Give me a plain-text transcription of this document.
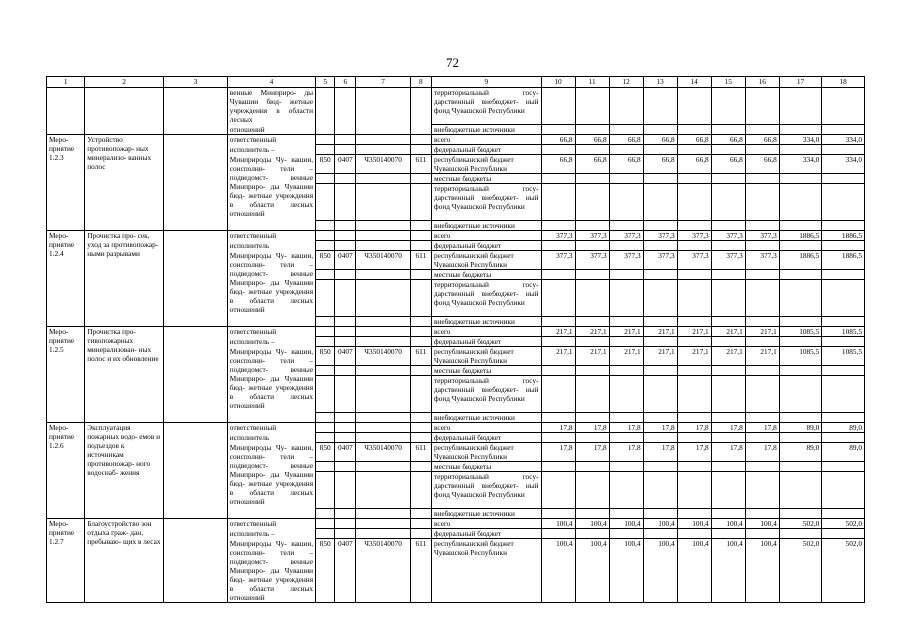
72
1	2	3	4	5	6	7	8	9	10	11	12	13	14	15	16	17	18
			венные Минприро- ды Чувашии бюд- жетные учреждения в области лесных					территориальный госу- дарственный внебюджет- ный фонд Чувашской Республики									
			отношений					внебюджетные источники									
Меро- приятие 1.2.3	Устройство противопожар- ных минерализо- ванных полос		ответственный					всего	66,8	66,8	66,8	66,8	66,8	66,8	66,8	334,0	334,0
			исполнитель –					федеральный бюджет									
			Минприроды Чу- вашии, соисполни- тели – подведомст- венные Минприро- ды Чувашии бюд- жетные учреждения в области лесных отношений	850	0407	Ч350140070	611	республиканский бюджет Чувашской Республики	66,8	66,8	66,8	66,8	66,8	66,8	66,8	334,0	334,0
								местные бюджеты									
								территориальный госу- дарственный внебюджет- ный фонд Чувашской Республики									
								внебюджетные источники									
Меро- приятие 1.2.4	Прочистка про- сек, уход за противопожар- ными разрывами		ответственный					всего	377,3	377,3	377,3	377,3	377,3	377,3	377,3	1886,5	1886,5
			исполнитель					федеральный бюджет									
			Минприроды Чу- вашии, соисполни- тели – подведомст- венные Минприро- ды Чувашии бюд- жетные учреждения в области лесных отношений	850	0407	Ч350140070	611	республиканский бюджет Чувашской Республики	377,3	377,3	377,3	377,3	377,3	377,3	377,3	1886,5	1886,5
								местные бюджеты									
								территориальный госу- дарственный внебюджет- ный фонд Чувашской Республики									
								внебюджетные источники									
Меро- приятие 1.2.5	Прочистка про- тивопожарных минерализован- ных полос и их обновление		ответственный					всего	217,1	217,1	217,1	217,1	217,1	217,1	217,1	1085,5	1085,5
			исполнитель –					федеральный бюджет									
			Минприроды Чу- вашии, соисполни- тели – подведомст- венные Минприро- ды Чувашии бюд- жетные учреждения в области лесных отношений	850	0407	Ч350140070	611	республиканский бюджет Чувашской Республики	217,1	217,1	217,1	217,1	217,1	217,1	217,1	1085,5	1085,5
								местные бюджеты									
								территориальный госу- дарственный внебюджет- ный фонд Чувашской Республики									
								внебюджетные источники									
Меро- приятие 1.2.6	Эксплуатация пожарных водо- емов и подъездов к источникам противопожар- ного водоснаб- жения		ответственный					всего	17,8	17,8	17,8	17,8	17,8	17,8	17,8	89,0	89,0
			исполнитель					федеральный бюджет									
			Минприроды Чу- вашии, соисполни- тели – подведомст- венные Минприро- ды Чувашии бюд- жетные учреждения в области лесных отношений	850	0407	Ч350140070	611	республиканский бюджет Чувашской Республики	17,8	17,8	17,8	17,8	17,8	17,8	17,8	89,0	89,0
								местные бюджеты									
								территориальный госу- дарственный внебюджет- ный фонд Чувашской Республики									
								внебюджетные источники									
Меро- приятие 1.2.7	Благоустройство зон отдыха граж- дан, пребываю- щих в лесах		ответственный					всего	100,4	100,4	100,4	100,4	100,4	100,4	100,4	502,0	502,0
			исполнитель –					федеральный бюджет									
			Минприроды Чу- вашии, соисполни- тели – подведомст- венные Минприро- ды Чувашии бюд- жетные учреждения в области лесных отношений	850	0407	Ч350140070	611	республиканский бюджет Чувашской Республики	100,4	100,4	100,4	100,4	100,4	100,4	100,4	502,0	502,0
